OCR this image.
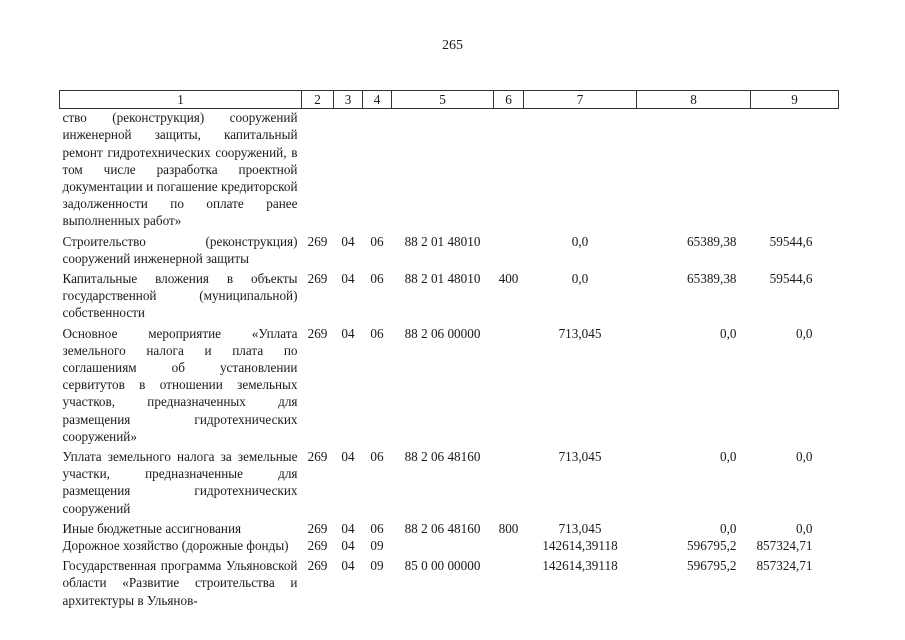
265
1	2	3	4	5	6	7	8	9
ство (реконструкция) сооружений инженерной защиты, капитальный ремонт гидротехнических сооружений, в том числе разработка проектной документации и погашение кредиторской задолженности по оплате ранее выполненных работ»								
Строительство (реконструкция) сооружений инженерной защиты	269	04	06	88 2 01 48010		0,0	65389,38	59544,6
Капитальные вложения в объекты государственной (муниципальной) собственности	269	04	06	88 2 01 48010	400	0,0	65389,38	59544,6
Основное мероприятие «Уплата земельного налога и плата по соглашениям об установлении сервитутов в отношении земельных участков, предназначенных для размещения гидротехнических сооружений»	269	04	06	88 2 06 00000		713,045	0,0	0,0
Уплата земельного налога за земельные участки, предназначенные для размещения гидротехнических сооружений	269	04	06	88 2 06 48160		713,045	0,0	0,0
Иные бюджетные ассигнования	269	04	06	88 2 06 48160	800	713,045	0,0	0,0
Дорожное хозяйство (дорожные фонды)	269	04	09			142614,39118	596795,2	857324,71
Государственная программа Ульяновской области «Развитие строительства и архитектуры в Ульянов-	269	04	09	85 0 00 00000		142614,39118	596795,2	857324,71
